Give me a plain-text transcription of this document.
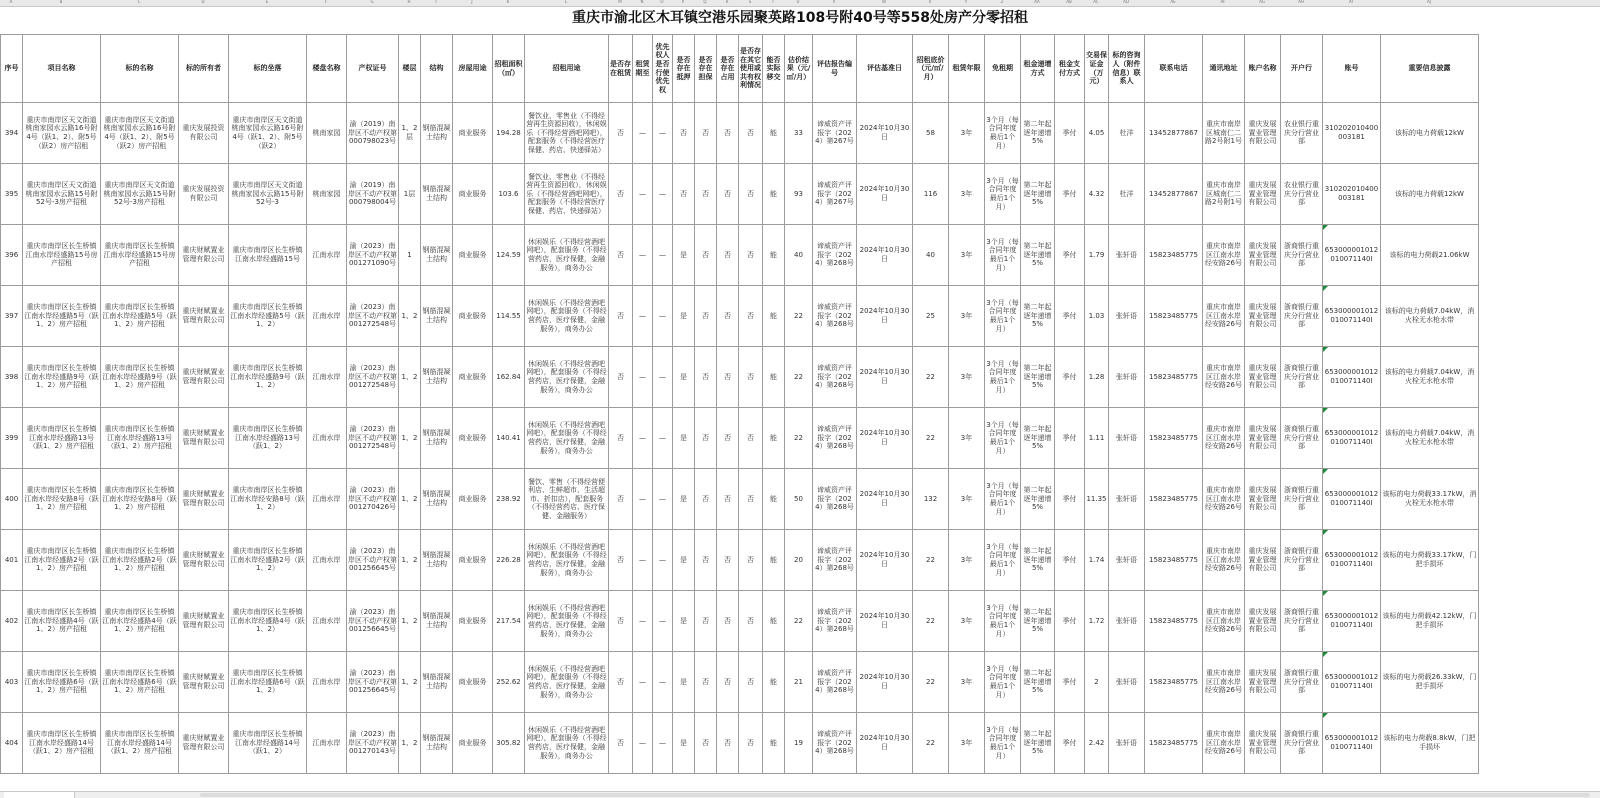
A	B	C	D	E	F	G	H	I	J	K	L	M	N	O	P	Q	R	S	T	U	V	W	X	Y	Z	AA	AB	AC	AD	AE	AF	AG	AH	AI	AJ
重庆市渝北区木耳镇空港乐园聚英路108号附40号等558处房产分零招租
序号	项目名称	标的名称	标的所有者	标的坐落	楼盘名称	产权证号	楼层	结构	房屋用途	招租面积（㎡）	招租用途	是否存在租赁	租赁期至	优先权人是否行使优先权	是否存在抵押	是否存在担保	是否存在占用	是否存在其它使用或共有权利情况	能否实际移交	估价结果（元/㎡/月）	评估报告编号	评估基准日	招租底价（元/㎡/月）	租赁年限	免租期	租金递增方式	租金支付方式	交易保证金（万元）	标的咨询人（附件信息）联系人	联系电话	通讯地址	账户名称	开户行	账号	重要信息披露
394	重庆市南岸区天文街道桃南家园水云路16号附4号（跃1、2）、附5号（跃2）房产招租	重庆市南岸区天文街道桃南家园水云路16号附4号（跃1、2）、附5号（跃2）房产招租	重庆发展投资有限公司	重庆市南岸区天文街道桃南家园水云路16号附4号（跃1、2）、附5号（跃2）	桃南家园	渝（2019）南岸区不动产权第000798023号	1、2层	钢筋混凝土结构	商业服务	194.28	餐饮业、零售业（不得经营再生资源回收），休闲娱乐（不得经营酒吧网吧），配套服务（不得经营医疗保健、药店、快递驿站）	否	—	—	否	否	否	否	能	33	谛威资产评报字（2024）第267号	2024年10月30日	58	3年	3个月（每合同年度最后1个月）	第二年起逐年递增5%	季付	4.05	杜洋	13452877867	重庆市南岸区城南仁二路2号附1号	重庆发展置业管理有限公司	农业银行重庆分行营业部	310202010400003181	该标的电力荷载12kW
395	重庆市南岸区天文街道桃南家园水云路15号附52号-3房产招租	重庆市南岸区天文街道桃南家园水云路15号附52号-3房产招租	重庆发展投资有限公司	重庆市南岸区天文街道桃南家园水云路15号附52号-3	桃南家园	渝（2019）南岸区不动产权第000798004号	1层	钢筋混凝土结构	商业服务	103.6	餐饮业、零售业（不得经营再生资源回收），休闲娱乐（不得经营酒吧网吧），配套服务（不得经营医疗保健、药店、快递驿站）	否	—	—	否	否	否	否	能	93	谛威资产评报字（2024）第267号	2024年10月30日	116	3年	3个月（每合同年度最后1个月）	第二年起逐年递增5%	季付	4.32	杜洋	13452877867	重庆市南岸区城南仁二路2号附1号	重庆发展置业管理有限公司	农业银行重庆分行营业部	310202010400003181	该标的电力荷载12kW
396	重庆市南岸区长生桥镇江南水岸经盛路15号房产招租	重庆市南岸区长生桥镇江南水岸经盛路15号房产招租	重庆财赋置业管理有限公司	重庆市南岸区长生桥镇江南水岸经盛路15号	江南水岸	渝（2023）南岸区不动产权第001271090号	1	钢筋混凝土结构	商业服务	124.59	休闲娱乐（不得经营酒吧网吧），配套服务（不得经营药店，医疗保健，金融服务），商务办公	否	—	—	是	否	否	否	能	40	谛威资产评报字（2024）第268号	2024年10月30日	40	3年	3个月（每合同年度最后1个月）	第二年起逐年递增5%	季付	1.79	张轩语	15823485775	重庆市南岸区江南水岸经安路26号	重庆发展置业管理有限公司	浙商银行重庆分行营业部	653000001012010071140I	该标的电力荷载21.06kW
397	重庆市南岸区长生桥镇江南水岸经盛路5号（跃1、2）房产招租	重庆市南岸区长生桥镇江南水岸经盛路5号（跃1、2）房产招租	重庆财赋置业管理有限公司	重庆市南岸区长生桥镇江南水岸经盛路5号（跃1、2）	江南水岸	渝（2023）南岸区不动产权第001272548号	1、2	钢筋混凝土结构	商业服务	114.55	休闲娱乐（不得经营酒吧网吧），配套服务（不得经营药店，医疗保健，金融服务），商务办公	否	—	—	是	否	否	否	能	22	谛威资产评报字（2024）第268号	2024年10月30日	25	3年	3个月（每合同年度最后1个月）	第二年起逐年递增5%	季付	1.03	张轩语	15823485775	重庆市南岸区江南水岸经安路26号	重庆发展置业管理有限公司	浙商银行重庆分行营业部	653000001012010071140I	该标的电力荷载7.04kW，消火栓无水枪水带
398	重庆市南岸区长生桥镇江南水岸经盛路9号（跃1、2）房产招租	重庆市南岸区长生桥镇江南水岸经盛路9号（跃1、2）房产招租	重庆财赋置业管理有限公司	重庆市南岸区长生桥镇江南水岸经盛路9号（跃1、2）	江南水岸	渝（2023）南岸区不动产权第001272548号	1、2	钢筋混凝土结构	商业服务	162.84	休闲娱乐（不得经营酒吧网吧），配套服务（不得经营药店，医疗保健，金融服务），商务办公	否	—	—	是	否	否	否	能	22	谛威资产评报字（2024）第268号	2024年10月30日	22	3年	3个月（每合同年度最后1个月）	第二年起逐年递增5%	季付	1.28	张轩语	15823485775	重庆市南岸区江南水岸经安路26号	重庆发展置业管理有限公司	浙商银行重庆分行营业部	653000001012010071140I	该标的电力荷载7.04kW，消火栓无水枪水带
399	重庆市南岸区长生桥镇江南水岸经盛路13号（跃1、2）房产招租	重庆市南岸区长生桥镇江南水岸经盛路13号（跃1、2）房产招租	重庆财赋置业管理有限公司	重庆市南岸区长生桥镇江南水岸经盛路13号（跃1、2）	江南水岸	渝（2023）南岸区不动产权第001272548号	1、2	钢筋混凝土结构	商业服务	140.41	休闲娱乐（不得经营酒吧网吧），配套服务（不得经营药店，医疗保健，金融服务），商务办公	否	—	—	是	否	否	否	能	22	谛威资产评报字（2024）第268号	2024年10月30日	22	3年	3个月（每合同年度最后1个月）	第二年起逐年递增5%	季付	1.11	张轩语	15823485775	重庆市南岸区江南水岸经安路26号	重庆发展置业管理有限公司	浙商银行重庆分行营业部	653000001012010071140I	该标的电力荷载7.04kW，消火栓无水枪水带
400	重庆市南岸区长生桥镇江南水岸经安路8号（跃1、2）房产招租	重庆市南岸区长生桥镇江南水岸经安路8号（跃1、2）房产招租	重庆财赋置业管理有限公司	重庆市南岸区长生桥镇江南水岸经安路8号（跃1、2）	江南水岸	渝（2023）南岸区不动产权第001270426号	1、2	钢筋混凝土结构	商业服务	238.92	餐饮、零售（不得经营便利店、生鲜超市、生活超市、折扣店），配套服务（不得经营药店、医疗保健、金融服务）	否	—	—	是	否	否	否	能	50	谛威资产评报字（2024）第268号	2024年10月30日	132	3年	3个月（每合同年度最后1个月）	第二年起逐年递增5%	季付	11.35	张轩语	15823485775	重庆市南岸区江南水岸经安路26号	重庆发展置业管理有限公司	浙商银行重庆分行营业部	653000001012010071140I	该标的电力荷载33.17kW，消火栓无水枪水带
401	重庆市南岸区长生桥镇江南水岸经盛路2号（跃1、2）房产招租	重庆市南岸区长生桥镇江南水岸经盛路2号（跃1、2）房产招租	重庆财赋置业管理有限公司	重庆市南岸区长生桥镇江南水岸经盛路2号（跃1、2）	江南水岸	渝（2023）南岸区不动产权第001256645号	1、2	钢筋混凝土结构	商业服务	226.28	休闲娱乐（不得经营酒吧网吧），配套服务（不得经营药店，医疗保健，金融服务），商务办公	否	—	—	是	否	否	否	能	20	谛威资产评报字（2024）第268号	2024年10月30日	22	3年	3个月（每合同年度最后1个月）	第二年起逐年递增5%	季付	1.74	张轩语	15823485775	重庆市南岸区江南水岸经安路26号	重庆发展置业管理有限公司	浙商银行重庆分行营业部	653000001012010071140I	该标的电力荷载33.17kW，门把手损坏
402	重庆市南岸区长生桥镇江南水岸经盛路4号（跃1、2）房产招租	重庆市南岸区长生桥镇江南水岸经盛路4号（跃1、2）房产招租	重庆财赋置业管理有限公司	重庆市南岸区长生桥镇江南水岸经盛路4号（跃1、2）	江南水岸	渝（2023）南岸区不动产权第001256645号	1、2	钢筋混凝土结构	商业服务	217.54	休闲娱乐（不得经营酒吧网吧），配套服务（不得经营药店，医疗保健，金融服务），商务办公	否	—	—	是	否	否	否	能	22	谛威资产评报字（2024）第268号	2024年10月30日	22	3年	3个月（每合同年度最后1个月）	第二年起逐年递增5%	季付	1.72	张轩语	15823485775	重庆市南岸区江南水岸经安路26号	重庆发展置业管理有限公司	浙商银行重庆分行营业部	653000001012010071140I	该标的电力荷载42.12kW，门把手损坏
403	重庆市南岸区长生桥镇江南水岸经盛路6号（跃1、2）房产招租	重庆市南岸区长生桥镇江南水岸经盛路6号（跃1、2）房产招租	重庆财赋置业管理有限公司	重庆市南岸区长生桥镇江南水岸经盛路6号（跃1、2）	江南水岸	渝（2023）南岸区不动产权第001256645号	1、2	钢筋混凝土结构	商业服务	252.62	休闲娱乐（不得经营酒吧网吧），配套服务（不得经营药店，医疗保健，金融服务），商务办公	否	—	—	是	否	否	否	能	21	谛威资产评报字（2024）第268号	2024年10月30日	22	3年	3个月（每合同年度最后1个月）	第二年起逐年递增5%	季付	2	张轩语	15823485775	重庆市南岸区江南水岸经安路26号	重庆发展置业管理有限公司	浙商银行重庆分行营业部	653000001012010071140I	该标的电力荷载26.33kW，门把手损坏
404	重庆市南岸区长生桥镇江南水岸经盛路14号（跃1、2）房产招租	重庆市南岸区长生桥镇江南水岸经盛路14号（跃1、2）房产招租	重庆财赋置业管理有限公司	重庆市南岸区长生桥镇江南水岸经盛路14号（跃1、2）	江南水岸	渝（2023）南岸区不动产权第001270143号	1、2	钢筋混凝土结构	商业服务	305.82	休闲娱乐（不得经营酒吧网吧），配套服务（不得经营药店，医疗保健，金融服务），商务办公	否	—	—	是	否	否	否	能	19	谛威资产评报字（2024）第268号	2024年10月30日	22	3年	3个月（每合同年度最后1个月）	第二年起逐年递增5%	季付	2.42	张轩语	15823485775	重庆市南岸区江南水岸经安路26号	重庆发展置业管理有限公司	浙商银行重庆分行营业部	653000001012010071140I	该标的电力荷载8.8kW，门把手损坏
